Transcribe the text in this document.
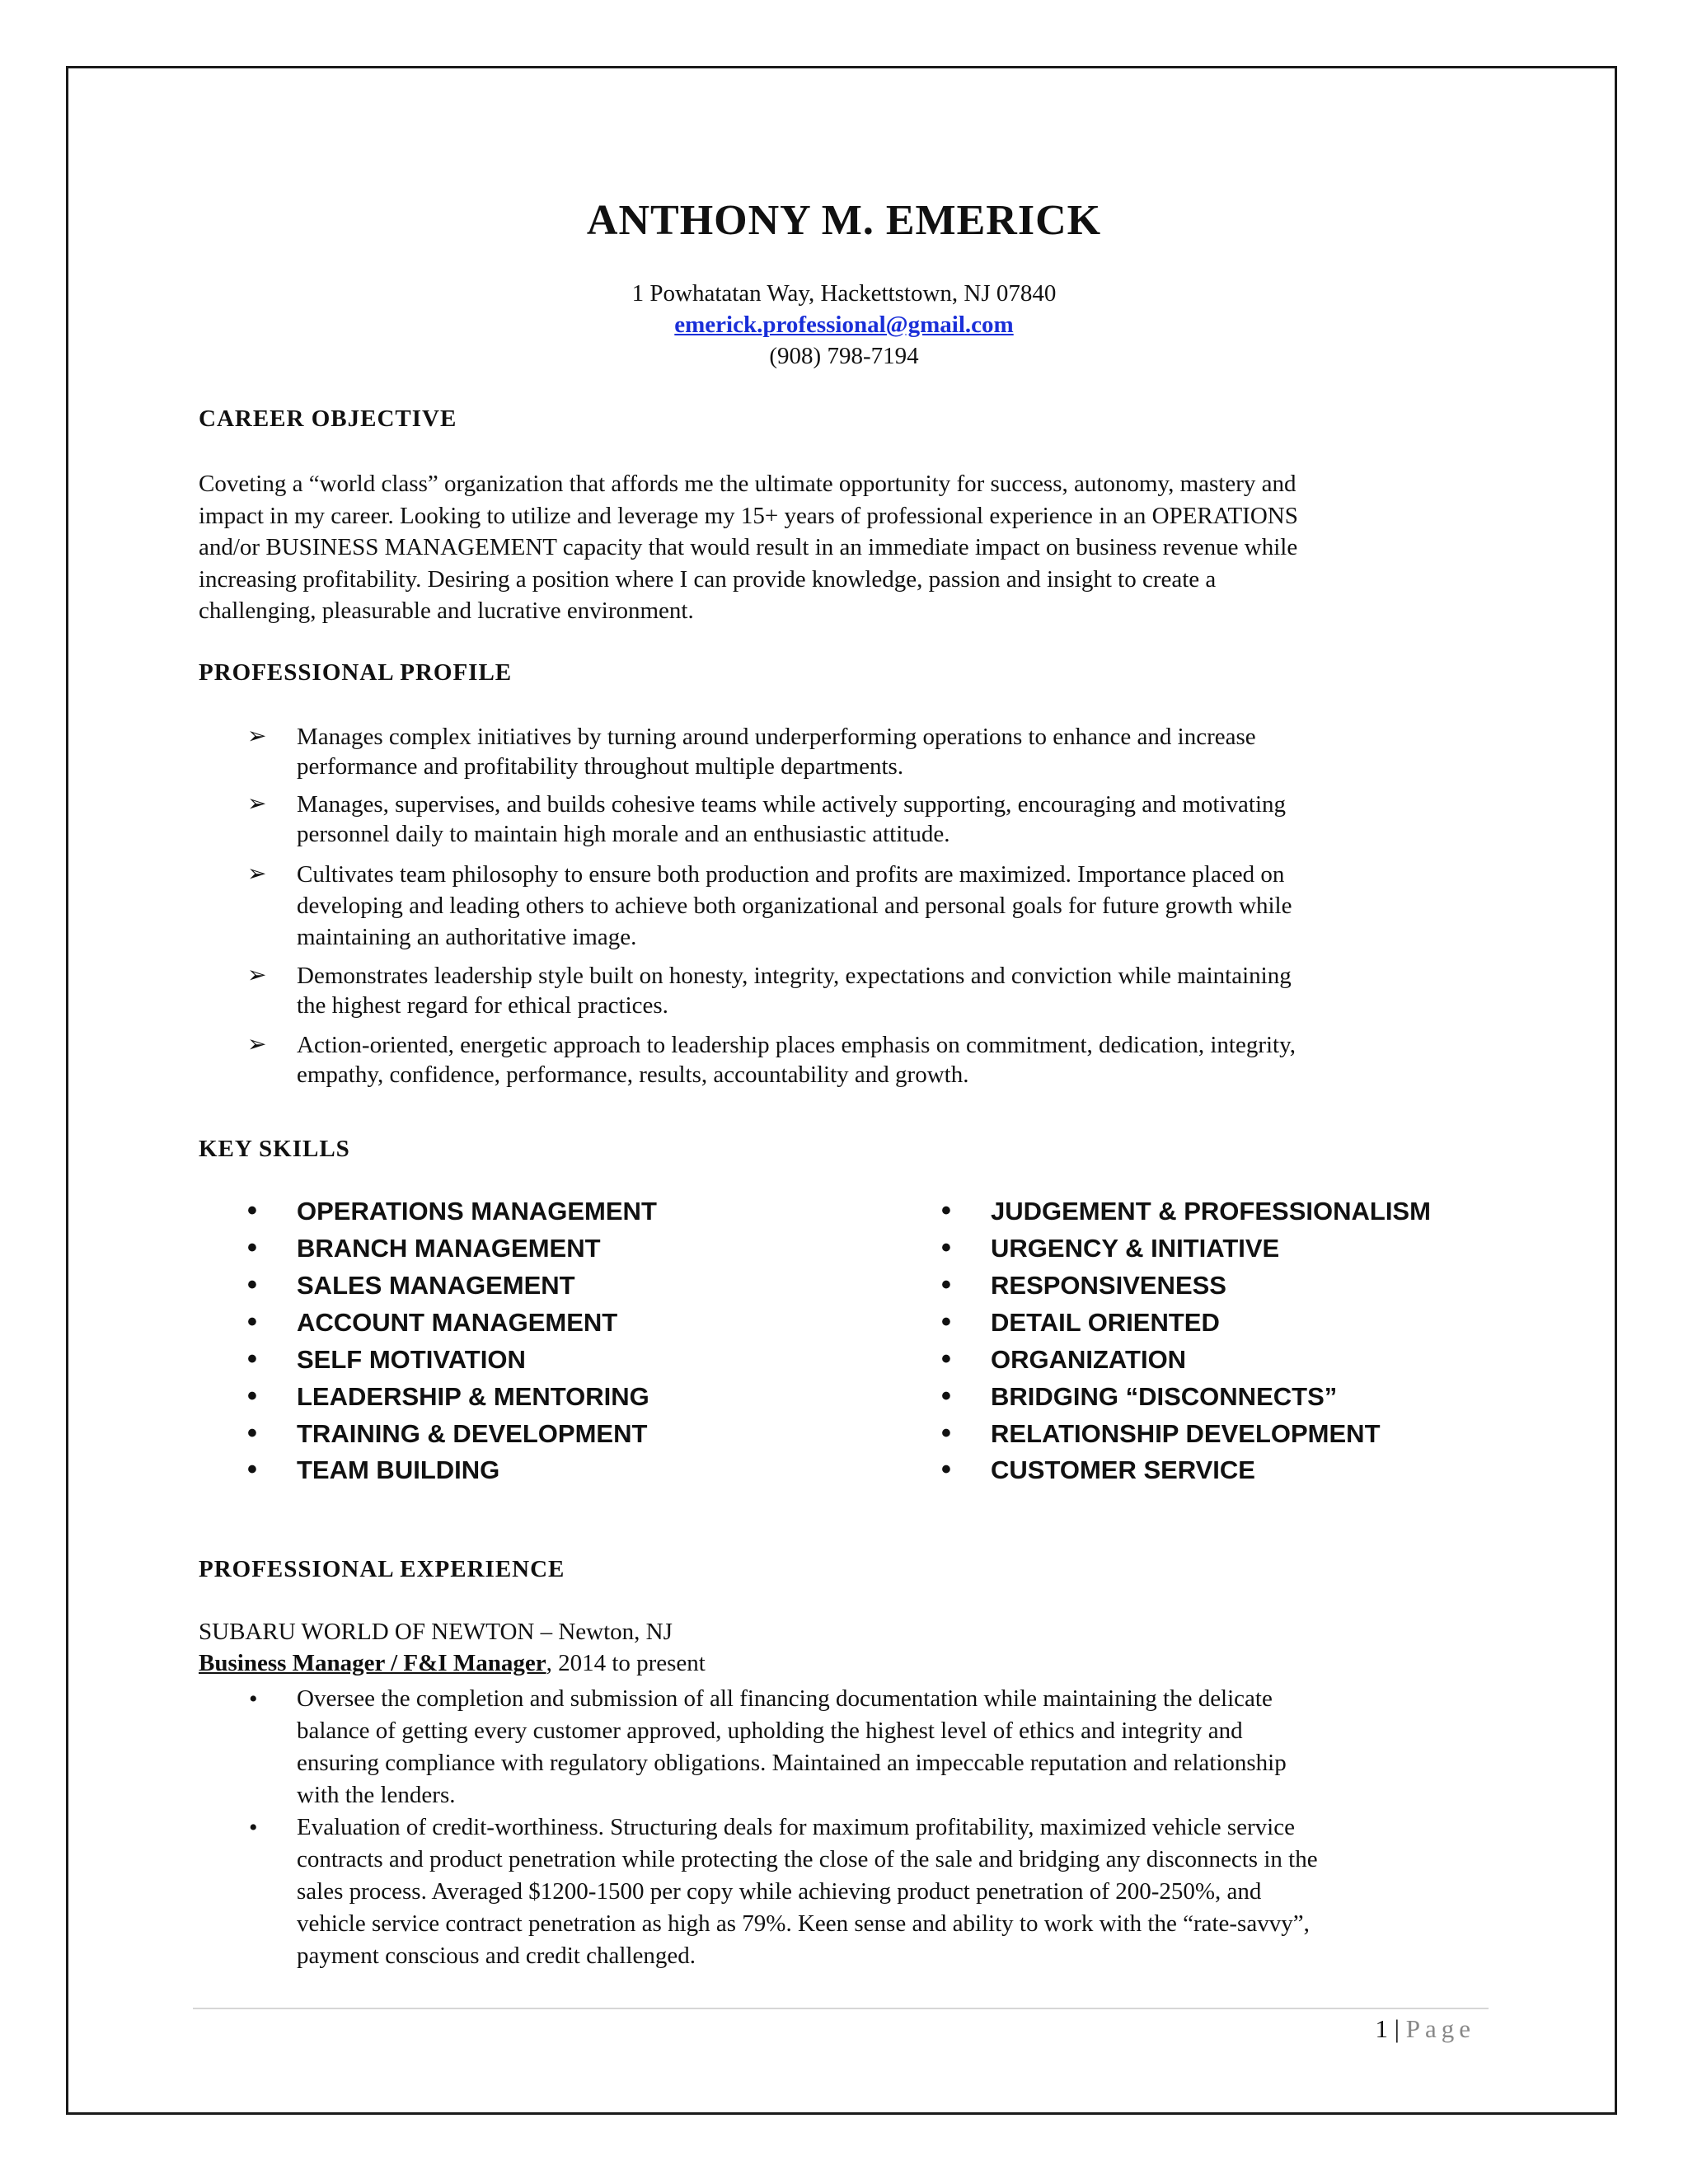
ANTHONY M. EMERICK
1 Powhatatan Way, Hackettstown, NJ 07840
emerick.professional@gmail.com
(908) 798-7194
CAREER OBJECTIVE
Coveting a “world class” organization that affords me the ultimate opportunity for success, autonomy, mastery and
impact in my career. Looking to utilize and leverage my 15+ years of professional experience in an OPERATIONS
and/or BUSINESS MANAGEMENT capacity that would result in an immediate impact on business revenue while
increasing profitability. Desiring a position where I can provide knowledge, passion and insight to create a
challenging, pleasurable and lucrative environment.
PROFESSIONAL PROFILE
➢ Manages complex initiatives by turning around underperforming operations to enhance and increase
performance and profitability throughout multiple departments.
➢ Manages, supervises, and builds cohesive teams while actively supporting, encouraging and motivating
personnel daily to maintain high morale and an enthusiastic attitude.
➢ Cultivates team philosophy to ensure both production and profits are maximized. Importance placed on
developing and leading others to achieve both organizational and personal goals for future growth while
maintaining an authoritative image.
➢ Demonstrates leadership style built on honesty, integrity, expectations and conviction while maintaining
the highest regard for ethical practices.
➢ Action-oriented, energetic approach to leadership places emphasis on commitment, dedication, integrity,
empathy, confidence, performance, results, accountability and growth.
KEY SKILLS
• OPERATIONS MANAGEMENT
• BRANCH MANAGEMENT
• SALES MANAGEMENT
• ACCOUNT MANAGEMENT
• SELF MOTIVATION
• LEADERSHIP & MENTORING
• TRAINING & DEVELOPMENT
• TEAM BUILDING
• JUDGEMENT & PROFESSIONALISM
• URGENCY & INITIATIVE
• RESPONSIVENESS
• DETAIL ORIENTED
• ORGANIZATION
• BRIDGING “DISCONNECTS”
• RELATIONSHIP DEVELOPMENT
• CUSTOMER SERVICE
PROFESSIONAL EXPERIENCE
SUBARU WORLD OF NEWTON – Newton, NJ
Business Manager / F&I Manager, 2014 to present
• Oversee the completion and submission of all financing documentation while maintaining the delicate
balance of getting every customer approved, upholding the highest level of ethics and integrity and
ensuring compliance with regulatory obligations. Maintained an impeccable reputation and relationship
with the lenders.
• Evaluation of credit-worthiness. Structuring deals for maximum profitability, maximized vehicle service
contracts and product penetration while protecting the close of the sale and bridging any disconnects in the
sales process. Averaged $1200-1500 per copy while achieving product penetration of 200-250%, and
vehicle service contract penetration as high as 79%. Keen sense and ability to work with the “rate-savvy”,
payment conscious and credit challenged.
1 | Page
